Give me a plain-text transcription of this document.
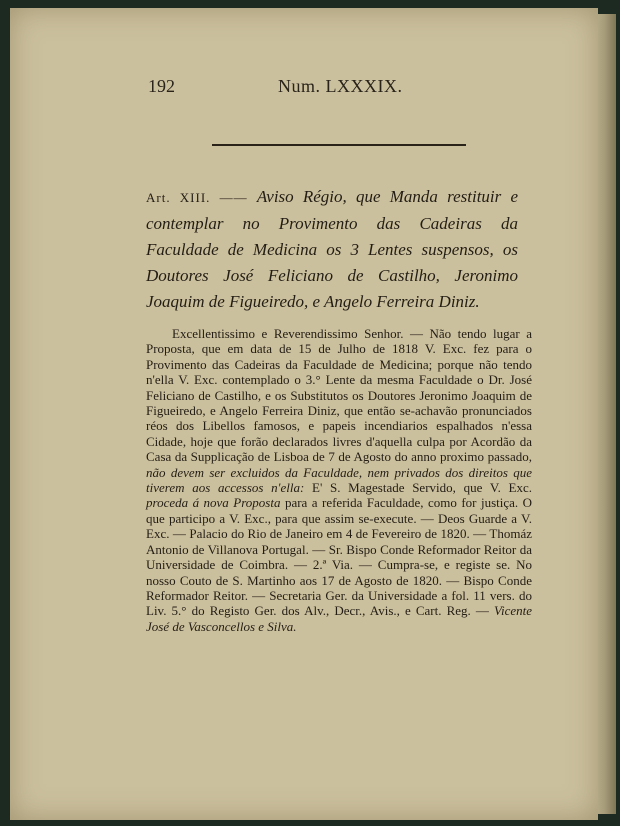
192	Num. LXXXIX.
Art. XIII. —— Aviso Régio, que Manda restituir e contemplar no Provimento das Cadeiras da Faculdade de Medicina os 3 Lentes suspensos, os Doutores José Feliciano de Castilho, Jeronimo Joaquim de Figueiredo, e Angelo Ferreira Diniz.

Excellentissimo e Reverendissimo Senhor. — Não tendo lugar a Proposta, que em data de 15 de Julho de 1818 V. Exc. fez para o Provimento das Cadeiras da Faculdade de Medicina; porque não tendo n'ella V. Exc. contemplado o 3.° Lente da mesma Faculdade o Dr. José Feliciano de Castilho, e os Substitutos os Doutores Jeronimo Joaquim de Figueiredo, e Angelo Ferreira Diniz, que então se-achavão pronunciados réos dos Libellos famosos, e papeis incendiarios espalhados n'essa Cidade, hoje que forão declarados livres d'aquella culpa por Acordão da Casa da Supplicação de Lisboa de 7 de Agosto do anno proximo passado, não devem ser excluidos da Faculdade, nem privados dos direitos que tiverem aos accessos n'ella: E' S. Magestade Servido, que V. Exc. proceda á nova Proposta para a referida Faculdade, como for justiça. O que participo a V. Exc., para que assim se-execute. — Deos Guarde a V. Exc. — Palacio do Rio de Janeiro em 4 de Fevereiro de 1820. — Thomáz Antonio de Villanova Portugal. — Sr. Bispo Conde Reformador Reitor da Universidade de Coimbra. — 2.ª Via. — Cumpra-se, e registe se. No nosso Couto de S. Martinho aos 17 de Agosto de 1820. — Bispo Conde Reformador Reitor. — Secretaria Ger. da Universidade a fol. 11 vers. do Liv. 5.° do Registo Ger. dos Alv., Decr., Avis., e Cart. Reg. — Vicente José de Vasconcellos e Silva.
